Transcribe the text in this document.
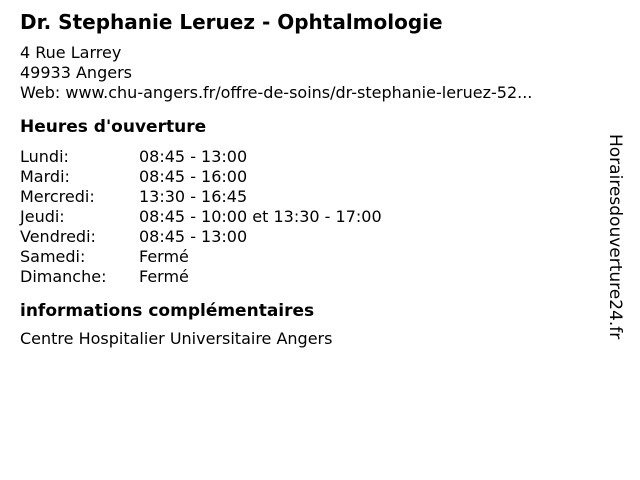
Dr. Stephanie Leruez - Ophtalmologie
4 Rue Larrey
49933 Angers
Web: www.chu-angers.fr/offre-de-soins/dr-stephanie-leruez-52...
Heures d'ouverture
Lundi:	08:45 - 13:00
Mardi:	08:45 - 16:00
Mercredi:	13:30 - 16:45
Jeudi:	08:45 - 10:00 et 13:30 - 17:00
Vendredi:	08:45 - 13:00
Samedi:	Fermé
Dimanche:	Fermé
informations complémentaires
Centre Hospitalier Universitaire Angers	Horairesdouverture24.fr
